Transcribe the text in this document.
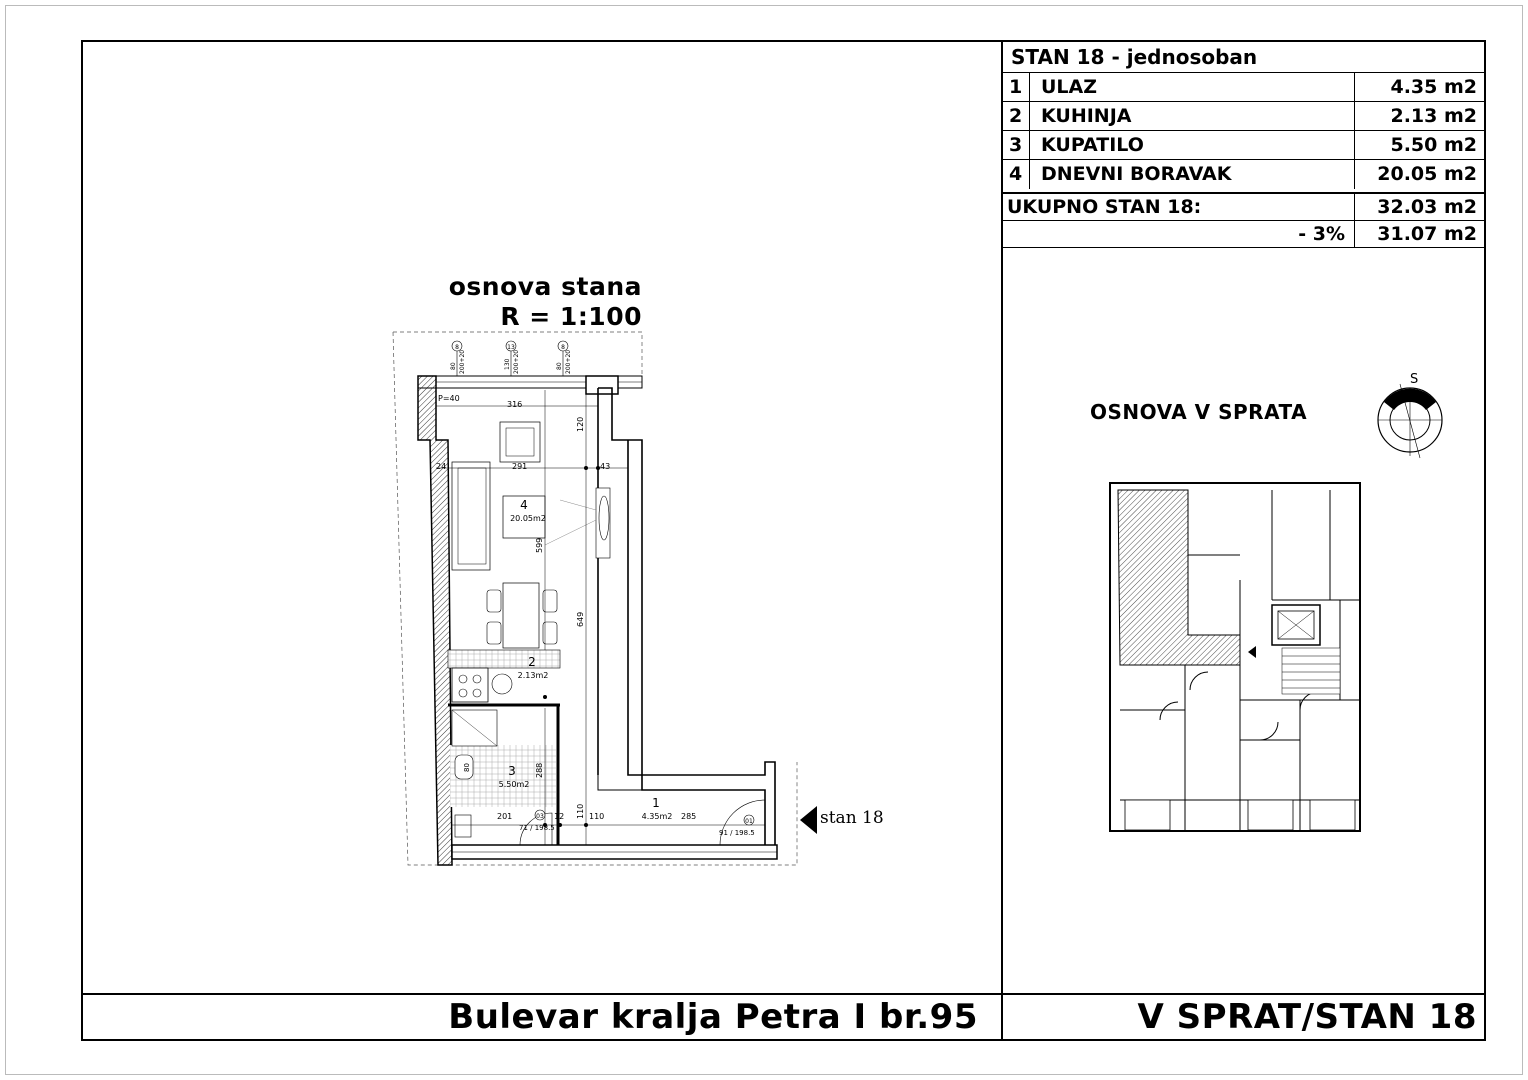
STAN 18 - jednosoban
1 ULAZ	4.35 m2
2 KUHINJA	2.13 m2
3 KUPATILO	5.50 m2
4 DNEVNI BORAVAK	20.05 m2
UKUPNO STAN 18:	32.03 m2
- 3% 31.07 m2
osnova stana
R = 1:100
8	13	8
80 200+20	130 200+20	80 200+20
P=40
316
291	43
24
120
599
649
288
110
201	12	110	285
03
01
71 / 198.5
91 / 198.5
80
4
20.05m2
2
2.13m2
3
5.50m2
1
4.35m2	stan 18
OSNOVA V SPRATA
S
Bulevar kralja Petra I br.95	V SPRAT/STAN 18
